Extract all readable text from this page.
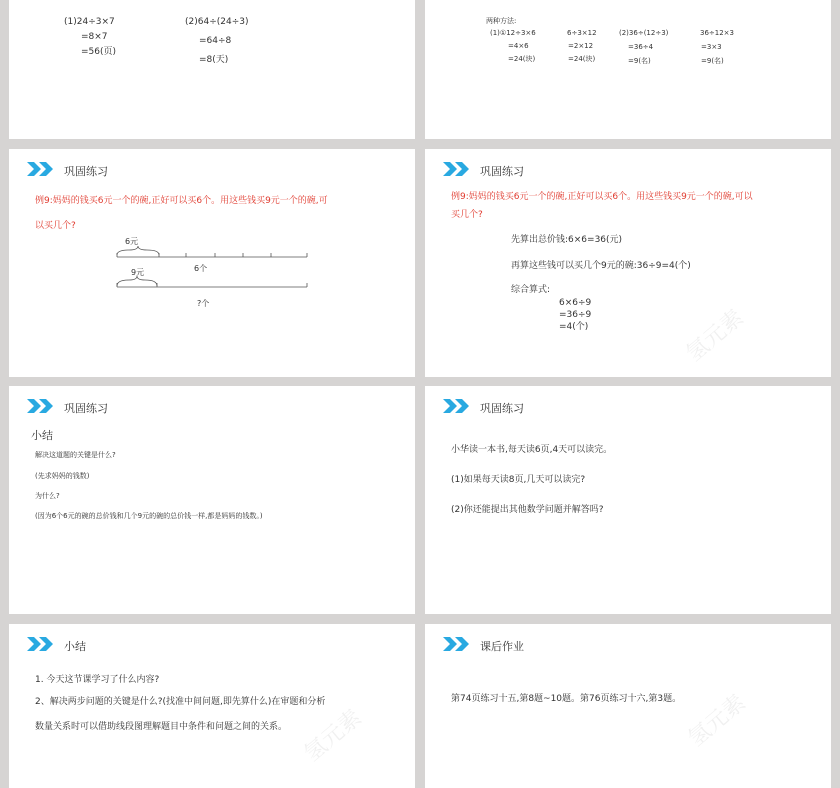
(1)24÷3×7
=8×7
=56(页)
(2)64÷(24÷3)
=64÷8
=8(天)
两种方法:
(1)①12÷3×6
=4×6
=24(块)
6÷3×12
=2×12
=24(块)
(2)36÷(12÷3)
=36÷4
=9(名)
36÷12×3
=3×3
=9(名)
巩固练习
例9:妈妈的钱买6元一个的碗,正好可以买6个。用这些钱买9元一个的碗,可
以买几个?
6元
6个
9元
?个
巩固练习
例9:妈妈的钱买6元一个的碗,正好可以买6个。用这些钱买9元一个的碗,可以
买几个?
先算出总价钱:6×6=36(元)
再算这些钱可以买几个9元的碗:36÷9=4(个)
综合算式:
6×6÷9
=36÷9
=4(个)	氢元素
巩固练习
小结
解决这道题的关键是什么?
(先求妈妈的钱数)
为什么?
(因为6个6元的碗的总价钱和几个9元的碗的总价钱一样,都是妈妈的钱数。)
巩固练习
小华读一本书,每天读6页,4天可以读完。
(1)如果每天读8页,几天可以读完?
(2)你还能提出其他数学问题并解答吗?
小结
1. 今天这节课学习了什么内容?
2、解决两步问题的关键是什么?(找准中间问题,即先算什么)在审题和分析
数量关系时可以借助线段图理解题目中条件和问题之间的关系。 氢元素
课后作业
第74页练习十五,第8题~10题。第76页练习十六,第3题。 氢元素
